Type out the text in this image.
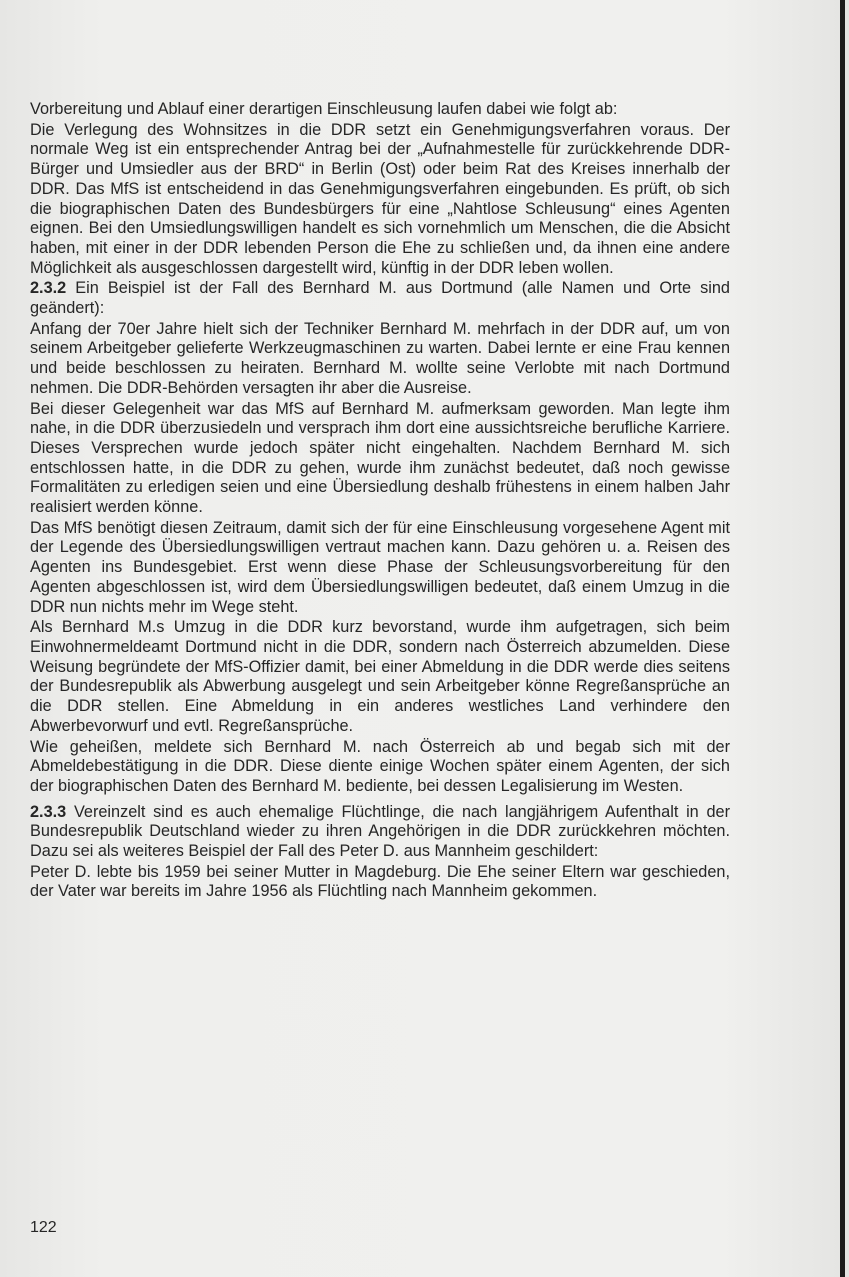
Vorbereitung und Ablauf einer derartigen Einschleusung laufen dabei wie folgt ab:

Die Verlegung des Wohnsitzes in die DDR setzt ein Genehmigungsverfahren voraus. Der normale Weg ist ein entsprechender Antrag bei der „Aufnahmestelle für zurückkehrende DDR-Bürger und Umsiedler aus der BRD“ in Berlin (Ost) oder beim Rat des Kreises innerhalb der DDR. Das MfS ist entscheidend in das Genehmigungsverfahren eingebunden. Es prüft, ob sich die biographischen Daten des Bundesbürgers für eine „Nahtlose Schleusung“ eines Agenten eignen. Bei den Umsiedlungswilligen handelt es sich vornehmlich um Menschen, die die Absicht haben, mit einer in der DDR lebenden Person die Ehe zu schließen und, da ihnen eine andere Möglichkeit als ausgeschlossen dargestellt wird, künftig in der DDR leben wollen.

2.3.2 Ein Beispiel ist der Fall des Bernhard M. aus Dortmund (alle Namen und Orte sind geändert):

Anfang der 70er Jahre hielt sich der Techniker Bernhard M. mehrfach in der DDR auf, um von seinem Arbeitgeber gelieferte Werkzeugmaschinen zu warten. Dabei lernte er eine Frau kennen und beide beschlossen zu heiraten. Bernhard M. wollte seine Verlobte mit nach Dortmund nehmen. Die DDR-Behörden versagten ihr aber die Ausreise.

Bei dieser Gelegenheit war das MfS auf Bernhard M. aufmerksam geworden. Man legte ihm nahe, in die DDR überzusiedeln und versprach ihm dort eine aussichtsreiche berufliche Karriere. Dieses Versprechen wurde jedoch später nicht eingehalten. Nachdem Bernhard M. sich entschlossen hatte, in die DDR zu gehen, wurde ihm zunächst bedeutet, daß noch gewisse Formalitäten zu erledigen seien und eine Übersiedlung deshalb frühestens in einem halben Jahr realisiert werden könne.

Das MfS benötigt diesen Zeitraum, damit sich der für eine Einschleusung vorgesehene Agent mit der Legende des Übersiedlungswilligen vertraut machen kann. Dazu gehören u. a. Reisen des Agenten ins Bundesgebiet. Erst wenn diese Phase der Schleusungsvorbereitung für den Agenten abgeschlossen ist, wird dem Übersiedlungswilligen bedeutet, daß einem Umzug in die DDR nun nichts mehr im Wege steht.

Als Bernhard M.s Umzug in die DDR kurz bevorstand, wurde ihm aufgetragen, sich beim Einwohnermeldeamt Dortmund nicht in die DDR, sondern nach Österreich abzumelden. Diese Weisung begründete der MfS-Offizier damit, bei einer Abmeldung in die DDR werde dies seitens der Bundesrepublik als Abwerbung ausgelegt und sein Arbeitgeber könne Regreßansprüche an die DDR stellen. Eine Abmeldung in ein anderes westliches Land verhindere den Abwerbevorwurf und evtl. Regreßansprüche.

Wie geheißen, meldete sich Bernhard M. nach Österreich ab und begab sich mit der Abmeldebestätigung in die DDR. Diese diente einige Wochen später einem Agenten, der sich der biographischen Daten des Bernhard M. bediente, bei dessen Legalisierung im Westen.

2.3.3 Vereinzelt sind es auch ehemalige Flüchtlinge, die nach langjährigem Aufenthalt in der Bundesrepublik Deutschland wieder zu ihren Angehörigen in die DDR zurückkehren möchten. Dazu sei als weiteres Beispiel der Fall des Peter D. aus Mannheim geschildert:

Peter D. lebte bis 1959 bei seiner Mutter in Magdeburg. Die Ehe seiner Eltern war geschieden, der Vater war bereits im Jahre 1956 als Flüchtling nach Mannheim gekommen.

122
